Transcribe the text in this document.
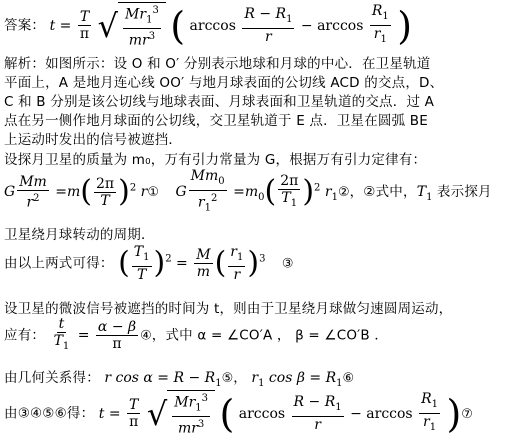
答案： $t = \frac{T}{\pi}$
√ $\frac{Mr_1^3}{mr^3}$ ( $\arccos \frac{R - R_1}{r} - \arccos \frac{R_1}{r_1}$ )
解析：如图所示：设 O 和 O′ 分别表示地球和月球的中心．在卫星轨道
平面上，A 是地月连心线 OO′ 与地月球表面的公切线 ACD 的交点，D、
C 和 B 分别是该公切线与地球表面、月球表面和卫星轨道的交点．过 A
点在另一侧作地月球面的公切线，交卫星轨道于 E 点．卫星在圆弧 BE
上运动时发出的信号被遮挡．
设探月卫星的质量为 m₀，万有引力常量为 G，根据万有引力定律有：
G $\frac{Mm}{r^2} =m( \frac{2\pi}{T} )^2$ r① G $\frac{Mm_0}{r_1^2} =m_0( \frac{2\pi}{T_1} )^2$ $r_1②$，②式中，$T_1$ 表示探月
卫星绕月球转动的周期．
由以上两式可得： ( $\frac{T_1}{T} )^2 = \frac{M}{m}$ ( $\frac{r_1}{r} )^3$ ③
设卫星的微波信号被遮挡的时间为 t，则由于卫星绕月球做匀速圆周运动，
应有： $\frac{t}{T_1} = \frac{\alpha - \beta}{\pi}$ ④，式中 α = ∠CO′A ， β = ∠CO′B ．
由几何关系得： r $\cos \alpha = R - R_1⑤$， $r_1$ $\cos \beta = R_1⑥$
由③④⑤⑥得： $t = \frac{T}{\pi}$
√ $\frac{Mr_1^3}{mr^3}$ ( $\arccos \frac{R - R_1}{r} - \arccos \frac{R_1}{r_1}$ )⑦
